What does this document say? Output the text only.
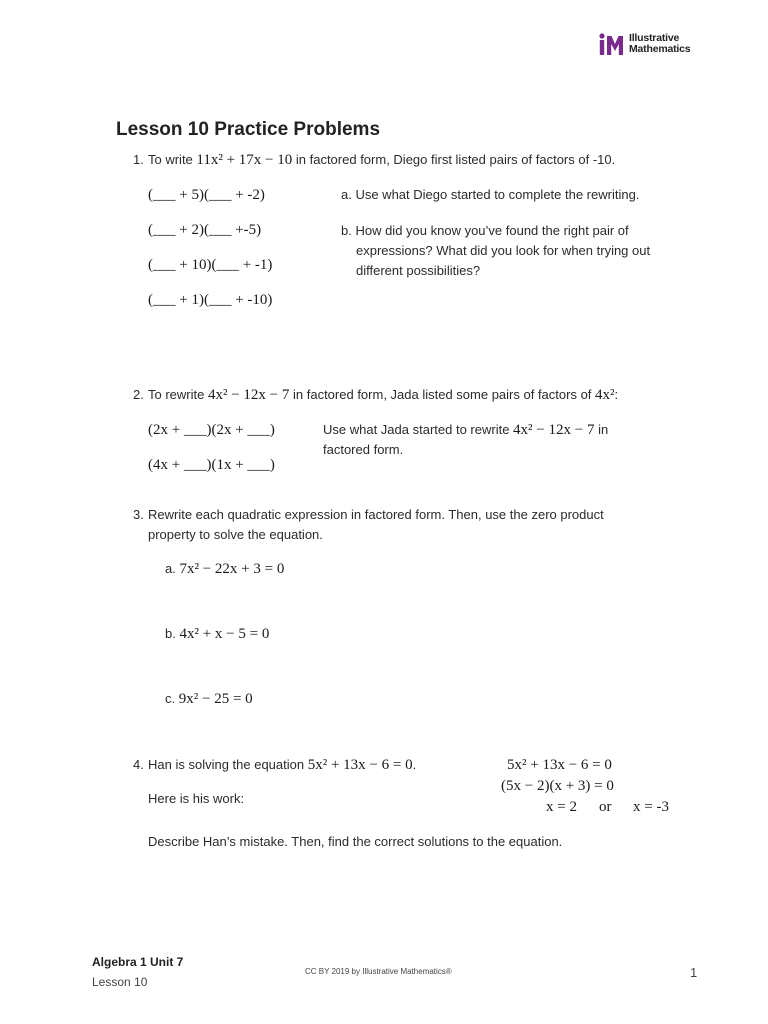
Illustrative
Mathematics
Lesson 10 Practice Problems
1. To write 11x² + 17x − 10 in factored form, Diego first listed pairs of factors of -10.
(___ + 5)(___ + -2)
(___ + 2)(___ +-5)
(___ + 10)(___ + -1)
(___ + 1)(___ + -10)
a. Use what Diego started to complete the rewriting.
b. How did you know you’ve found the right pair of
expressions? What did you look for when trying out
different possibilities?
2. To rewrite 4x² − 12x − 7 in factored form, Jada listed some pairs of factors of 4x²:
(2x + ___)(2x + ___)
(4x + ___)(1x + ___)
Use what Jada started to rewrite 4x² − 12x − 7 in
factored form.
3. Rewrite each quadratic expression in factored form. Then, use the zero product
property to solve the equation.
a. 7x² − 22x + 3 = 0
b. 4x² + x − 5 = 0
c. 9x² − 25 = 0
4. Han is solving the equation 5x² + 13x − 6 = 0.
Here is his work:
5x² + 13x − 6 = 0
(5x − 2)(x + 3) = 0
x = 2 or x = -3
Describe Han’s mistake. Then, find the correct solutions to the equation.
Algebra 1 Unit 7
Lesson 10
CC BY 2019 by Illustrative Mathematics®	1
